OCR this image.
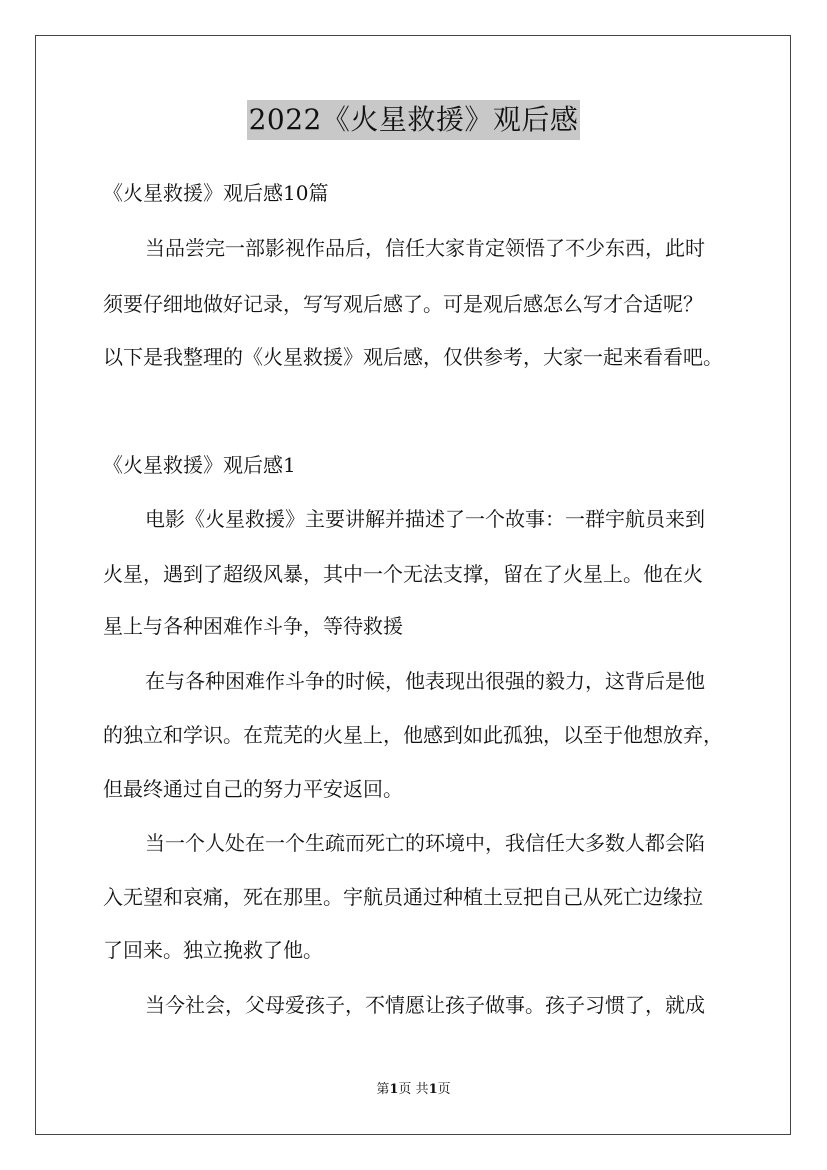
2022《火星救援》观后感
《火星救援》观后感10篇
当品尝完一部影视作品后，信任大家肯定领悟了不少东西，此时
须要仔细地做好记录，写写观后感了。可是观后感怎么写才合适呢？
以下是我整理的《火星救援》观后感，仅供参考，大家一起来看看吧。
《火星救援》观后感1
电影《火星救援》主要讲解并描述了一个故事：一群宇航员来到
火星，遇到了超级风暴，其中一个无法支撑，留在了火星上。他在火
星上与各种困难作斗争，等待救援
在与各种困难作斗争的时候，他表现出很强的毅力，这背后是他
的独立和学识。在荒芜的火星上，他感到如此孤独，以至于他想放弃，
但最终通过自己的努力平安返回。
当一个人处在一个生疏而死亡的环境中，我信任大多数人都会陷
入无望和哀痛，死在那里。宇航员通过种植土豆把自己从死亡边缘拉
了回来。独立挽救了他。
当今社会，父母爱孩子，不情愿让孩子做事。孩子习惯了，就成
第1页 共1页
